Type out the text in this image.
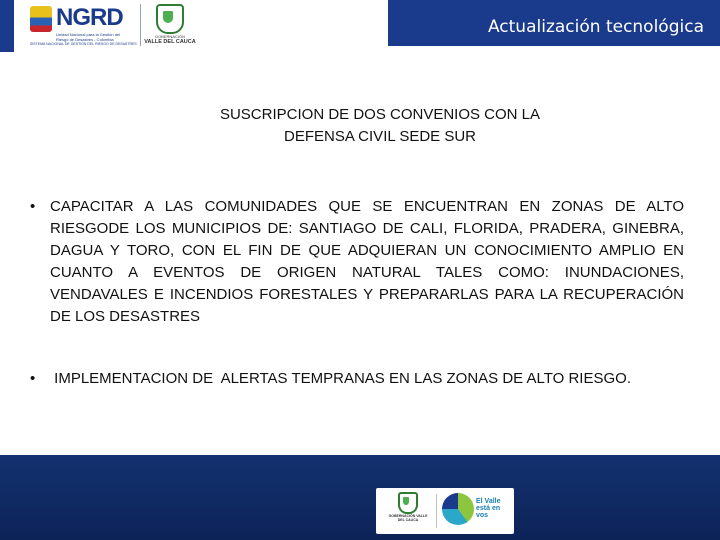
NGRD
Unidad Nacional para la Gestión del Riesgo de Desastres - Colombia
SISTEMA NACIONAL DE GESTIÓN DEL RIESGO DE DESASTRES
GOBERNACIÓN
VALLE DEL CAUCA
Actualización tecnológica
SUSCRIPCION DE DOS CONVENIOS CON LA
DEFENSA CIVIL SEDE SUR
• CAPACITAR A LAS COMUNIDADES QUE SE ENCUENTRAN EN ZONAS DE ALTO RIESGODE LOS MUNICIPIOS DE: SANTIAGO DE CALI, FLORIDA, PRADERA, GINEBRA, DAGUA Y TORO, CON EL FIN DE QUE ADQUIERAN UN CONOCIMIENTO AMPLIO EN CUANTO A EVENTOS DE ORIGEN NATURAL TALES COMO: INUNDACIONES, VENDAVALES E INCENDIOS FORESTALES Y PREPARARLAS PARA LA RECUPERACIÓN DE LOS DESASTRES
• IMPLEMENTACION DE  ALERTAS TEMPRANAS EN LAS ZONAS DE ALTO RIESGO.
GOBERNACIÓN VALLE DEL CAUCA
El Valle
está en
vos
